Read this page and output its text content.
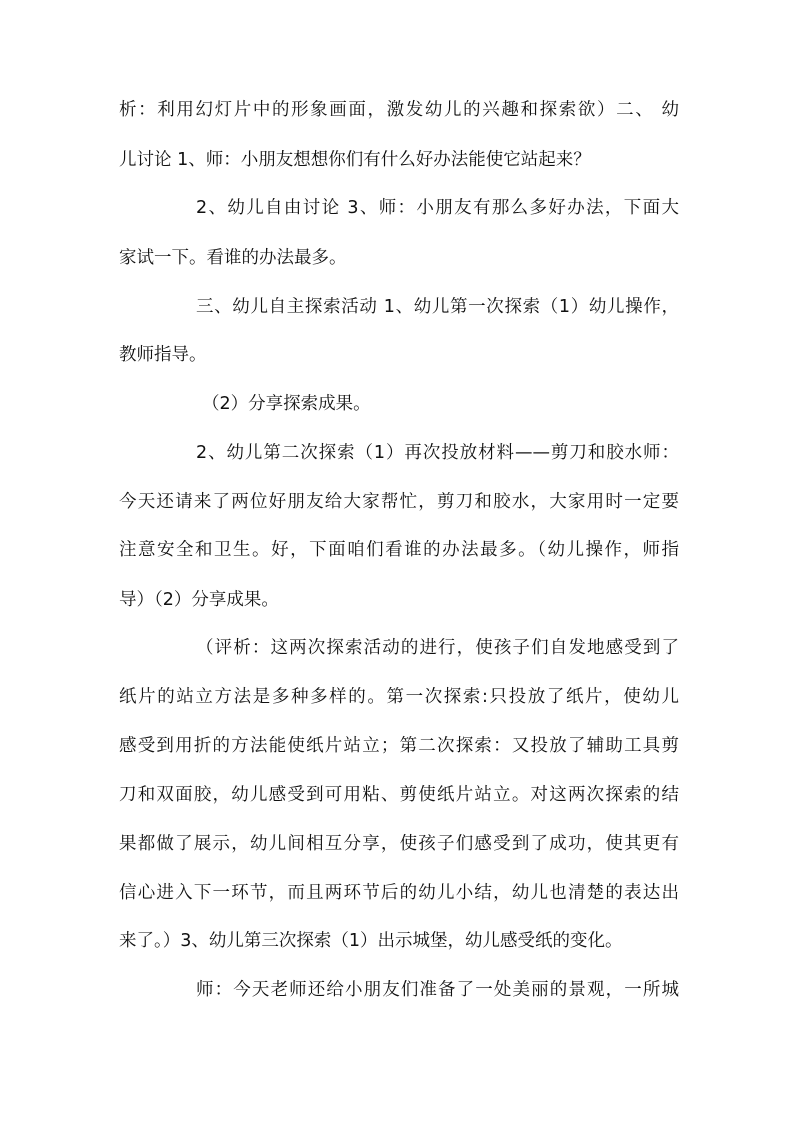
析：利用幻灯片中的形象画面，激发幼儿的兴趣和探索欲）二、 幼
儿讨论 1、师：小朋友想想你们有什么好办法能使它站起来？
2、幼儿自由讨论 3、师：小朋友有那么多好办法，下面大
家试一下。看谁的办法最多。
三、幼儿自主探索活动 1、幼儿第一次探索（1）幼儿操作，
教师指导。
（2）分享探索成果。
2、幼儿第二次探索（1）再次投放材料——剪刀和胶水师：
今天还请来了两位好朋友给大家帮忙，剪刀和胶水，大家用时一定要
注意安全和卫生。好，下面咱们看谁的办法最多。（幼儿操作，师指
导）（2）分享成果。
（评析：这两次探索活动的进行，使孩子们自发地感受到了
纸片的站立方法是多种多样的。第一次探索:只投放了纸片，使幼儿
感受到用折的方法能使纸片站立；第二次探索：又投放了辅助工具剪
刀和双面胶，幼儿感受到可用粘、剪使纸片站立。对这两次探索的结
果都做了展示，幼儿间相互分享，使孩子们感受到了成功，使其更有
信心进入下一环节，而且两环节后的幼儿小结，幼儿也清楚的表达出
来了。）3、幼儿第三次探索（1）出示城堡，幼儿感受纸的变化。
师：今天老师还给小朋友们准备了一处美丽的景观，一所城
